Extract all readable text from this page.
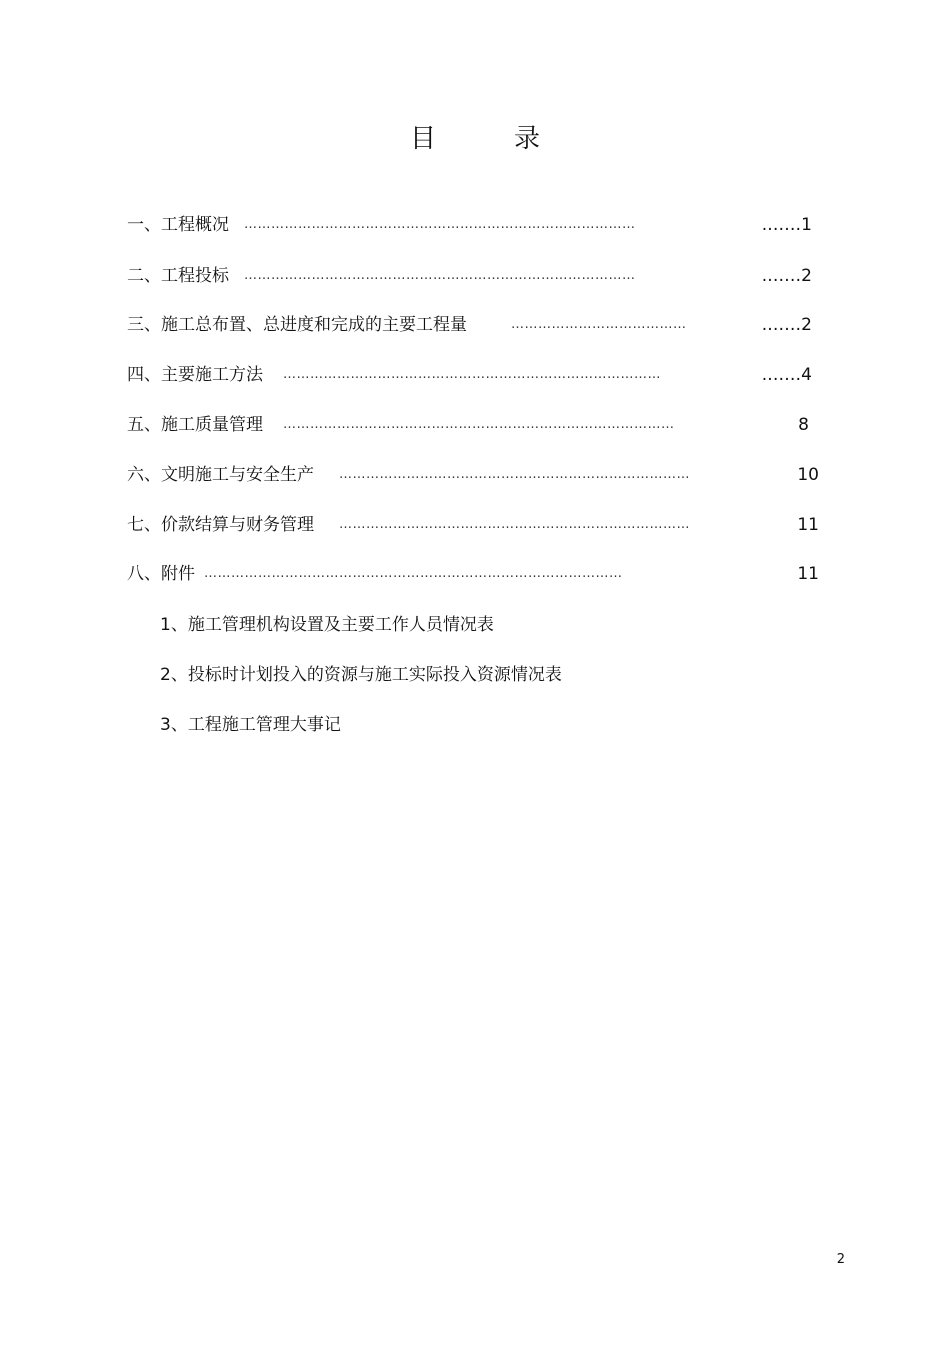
目　录
一、工程概况 ……………………………………………………………………………	.……1
二、工程投标 ……………………………………………………………………………	.……2
三、施工总布置、总进度和完成的主要工程量	…………………………………	.……2
四、主要施工方法 …………………………………………………………………………	.……4
五、施工质量管理 ……………………………………………………………………………	8
六、文明施工与安全生产 ……………………………………………………………………	10
七、价款结算与财务管理 ……………………………………………………………………	11
八、附件 …………………………………………………………………………………	11
1、施工管理机构设置及主要工作人员情况表
2、投标时计划投入的资源与施工实际投入资源情况表
3、工程施工管理大事记
2
